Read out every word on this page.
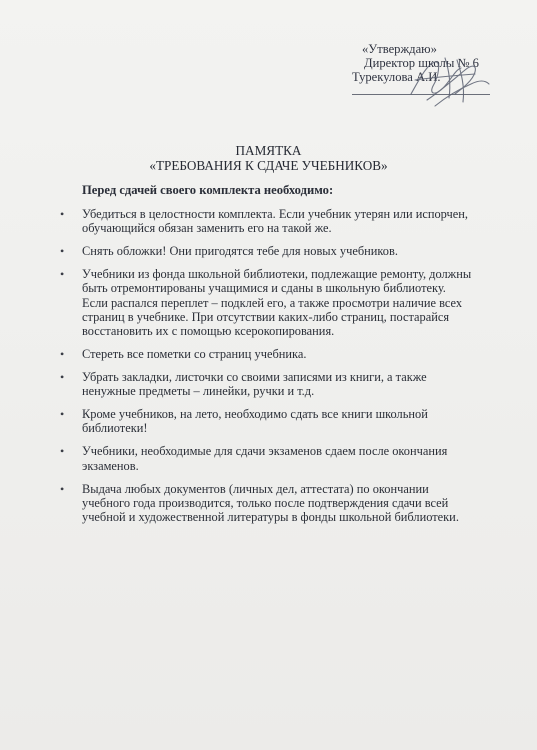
«Утверждаю»
Директор школы № 6
Турекулова А.И.
ПАМЯТКА
«ТРЕБОВАНИЯ К СДАЧЕ УЧЕБНИКОВ»
Перед сдачей своего комплекта необходимо:
•	Убедиться в целостности комплекта. Если учебник утерян или испорчен,
обучающийся обязан заменить его на такой же.
•	Снять обложки! Они пригодятся тебе для новых учебников.
•	Учебники из фонда школьной библиотеки, подлежащие ремонту, должны
быть отремонтированы учащимися и сданы в школьную библиотеку.
Если распался переплет – подклей его, а также просмотри наличие всех
страниц в учебнике. При отсутствии каких-либо страниц, постарайся
восстановить их с помощью ксерокопирования.
•	Стереть все пометки со страниц учебника.
•	Убрать закладки, листочки со своими записями из книги, а также
ненужные предметы – линейки, ручки и т.д.
•	Кроме учебников, на лето, необходимо сдать все книги школьной
библиотеки!
•	Учебники, необходимые для сдачи экзаменов сдаем после окончания
экзаменов.
•	Выдача любых документов (личных дел, аттестата) по окончании
учебного года производится, только после подтверждения сдачи всей
учебной и художественной литературы в фонды школьной библиотеки.
